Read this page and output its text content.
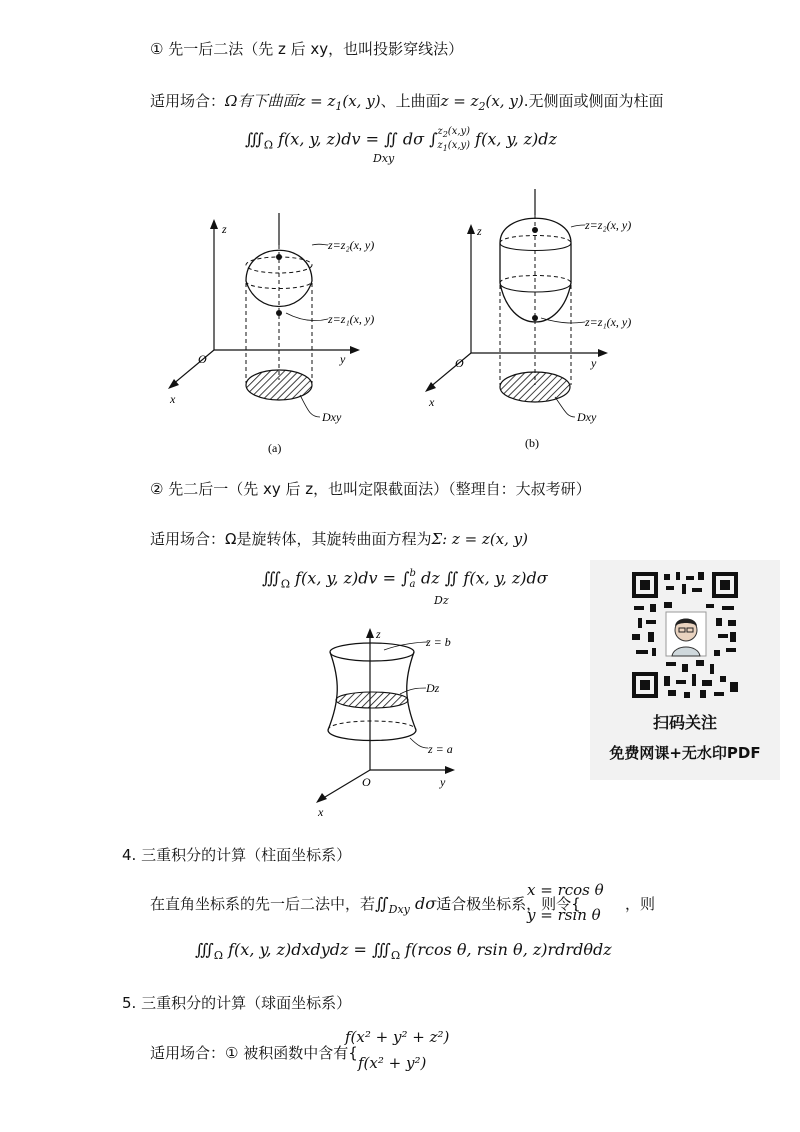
① 先一后二法（先 z 后 xy，也叫投影穿线法）
适用场合：Ω有下曲面$z = z_1(x$, y)、上曲面$z = z_2(x$, y).无侧面或侧面为柱面
$∭_\Omega$ f(x, y, z)dv = ∬ dσ $\int z_2(x,y)$
$z_1(x,y)$ f(x, y, z)dz
Dxy
z
y
x
O
z=z₂(x, y)
z=z₁(x, y)
Dxy
(a)
z
y
x
O
z=z₂(x, y)
z=z₁(x, y)
Dxy
(b)
② 先二后一（先 xy 后 z，也叫定限截面法）（整理自：大叔考研）
适用场合：Ω是旋转体，其旋转曲面方程为Σ: z = z(x, y)
$∭_\Omega$ f(x, y, z)dv = ∫b
a dz ∬ f(x, y, z)dσ
Dz
z
y
x
O
z = b
Dz
z = a
扫码关注
免费网课+无水印PDF
4. 三重积分的计算（柱面坐标系）
在直角坐标系的先一后二法中，若$∬_{Dxy}$ dσ适合极坐标系，则令{
x = rcos θ
y = rsin θ
，则
$∭_\Omega$ f(x, y, z)dxdydz = $∭_\Omega$ f(rcos θ, rsin θ, z)rdrdθdz
5. 三重积分的计算（球面坐标系）
适用场合：① 被积函数中含有{
f(x² + y² + z²)
f(x² + y²)
